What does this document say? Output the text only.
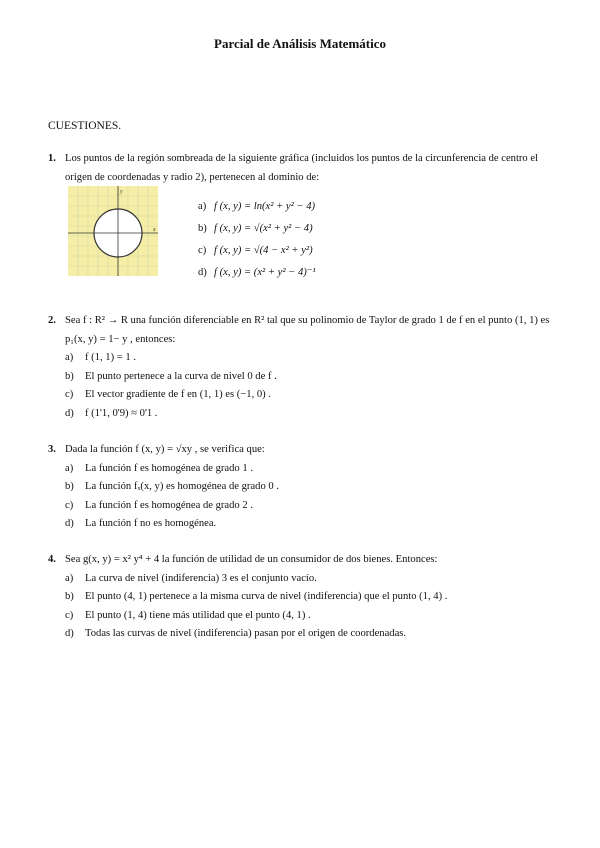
Parcial de Análisis Matemático
CUESTIONES.
1. Los puntos de la región sombreada de la siguiente gráfica (incluidos los puntos de la circunferencia de centro el origen de coordenadas y radio 2), pertenecen al dominio de:
y
x
a) f (x, y) = ln(x² + y² − 4)
b) f (x, y) = √(x² + y² − 4)
c) f (x, y) = √(4 − x² + y²)
d) f (x, y) = (x² + y² − 4)⁻¹
2. Sea f : R² → R una función diferenciable en R² tal que su polinomio de Taylor de grado 1 de f en el punto (1, 1) es p₁(x, y) = 1− y , entonces:
a)	f (1, 1) = 1 .
b)	El punto pertenece a la curva de nivel 0 de f .
c)	El vector gradiente de f en (1, 1) es (−1, 0) .
d)	f (1'1, 0'9) ≈ 0'1 .
3. Dada la función f (x, y) = √xy , se verifica que:
a)	La función f es homogénea de grado 1 .
b)	La función fₓ(x, y) es homogénea de grado 0 .
c)	La función f es homogénea de grado 2 .
d)	La función f no es homogénea.
4. Sea g(x, y) = x² y⁴ + 4 la función de utilidad de un consumidor de dos bienes. Entonces:
a)	La curva de nivel (indiferencia) 3 es el conjunto vacío.
b)	El punto (4, 1) pertenece a la misma curva de nivel (indiferencia) que el punto (1, 4) .
c)	El punto (1, 4) tiene más utilidad que el punto (4, 1) .
d)	Todas las curvas de nivel (indiferencia) pasan por el origen de coordenadas.
